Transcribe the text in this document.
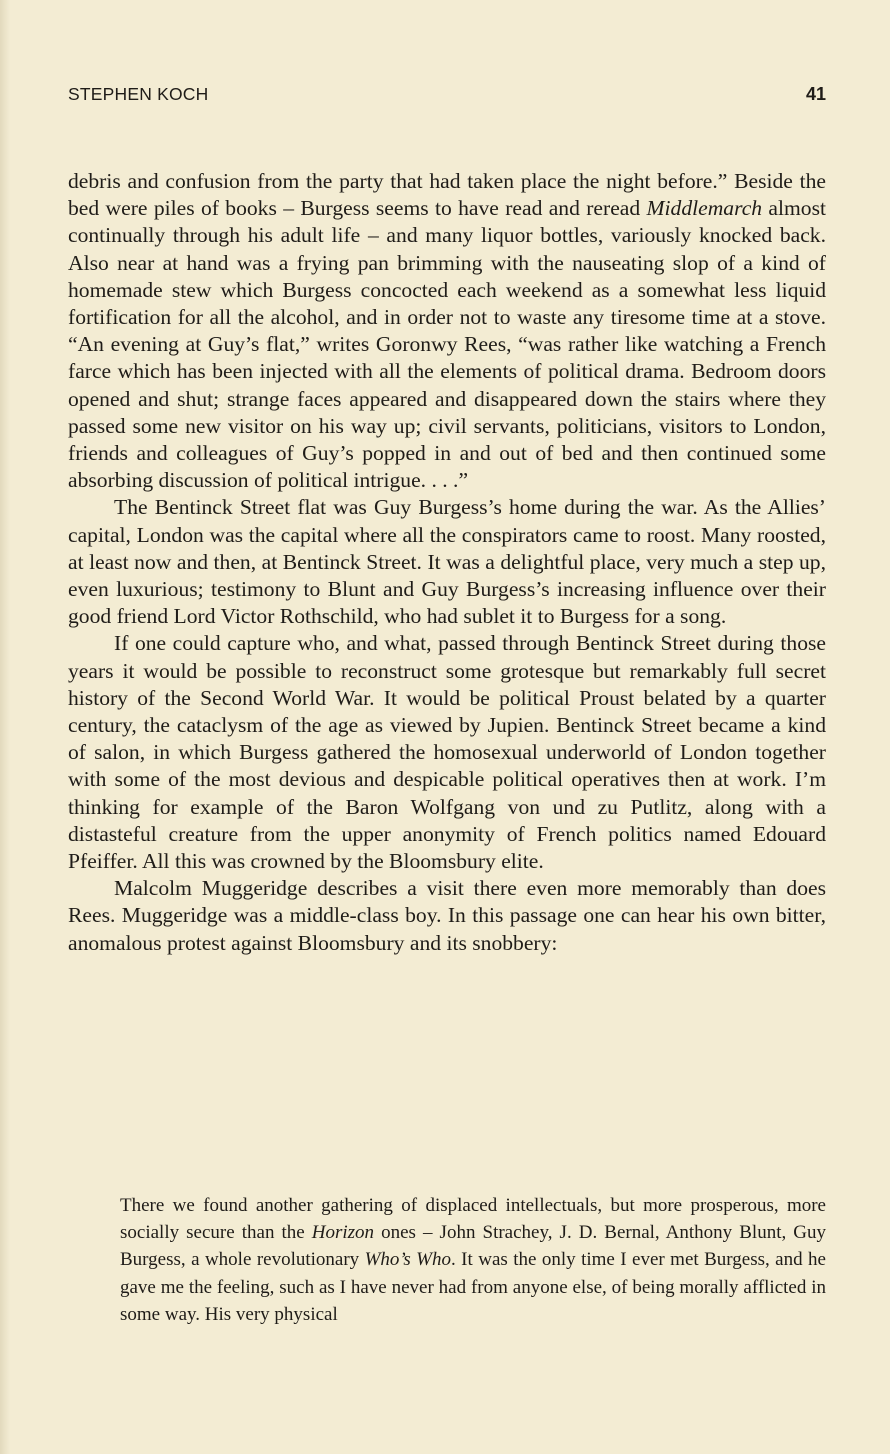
STEPHEN KOCH	41

debris and confusion from the party that had taken place the night before.” Beside the bed were piles of books – Burgess seems to have read and reread Middlemarch almost continually through his adult life – and many liquor bottles, variously knocked back. Also near at hand was a frying pan brimming with the nauseating slop of a kind of homemade stew which Burgess concocted each weekend as a somewhat less liquid fortification for all the alcohol, and in order not to waste any tiresome time at a stove. “An evening at Guy’s flat,” writes Goronwy Rees, “was rather like watching a French farce which has been injected with all the elements of political drama. Bedroom doors opened and shut; strange faces appeared and disappeared down the stairs where they passed some new visitor on his way up; civil servants, politicians, visitors to London, friends and colleagues of Guy’s popped in and out of bed and then continued some absorbing discussion of political intrigue. . . .”

The Bentinck Street flat was Guy Burgess’s home during the war. As the Allies’ capital, London was the capital where all the conspirators came to roost. Many roosted, at least now and then, at Bentinck Street. It was a delightful place, very much a step up, even luxurious; testimony to Blunt and Guy Burgess’s increasing influence over their good friend Lord Victor Rothschild, who had sublet it to Burgess for a song.

If one could capture who, and what, passed through Bentinck Street during those years it would be possible to reconstruct some grotesque but remarkably full secret history of the Second World War. It would be political Proust belated by a quarter century, the cataclysm of the age as viewed by Jupien. Bentinck Street became a kind of salon, in which Burgess gathered the homosexual underworld of London together with some of the most devious and despicable political operatives then at work. I’m thinking for example of the Baron Wolfgang von und zu Putlitz, along with a distasteful creature from the upper anonymity of French politics named Edouard Pfeiffer. All this was crowned by the Bloomsbury elite.

Malcolm Muggeridge describes a visit there even more memorably than does Rees. Muggeridge was a middle-class boy. In this passage one can hear his own bitter, anomalous protest against Bloomsbury and its snobbery:

There we found another gathering of displaced intellectuals, but more prosperous, more socially secure than the Horizon ones – John Strachey, J. D. Bernal, Anthony Blunt, Guy Burgess, a whole revolutionary Who’s Who. It was the only time I ever met Burgess, and he gave me the feeling, such as I have never had from anyone else, of being morally afflicted in some way. His very physical
